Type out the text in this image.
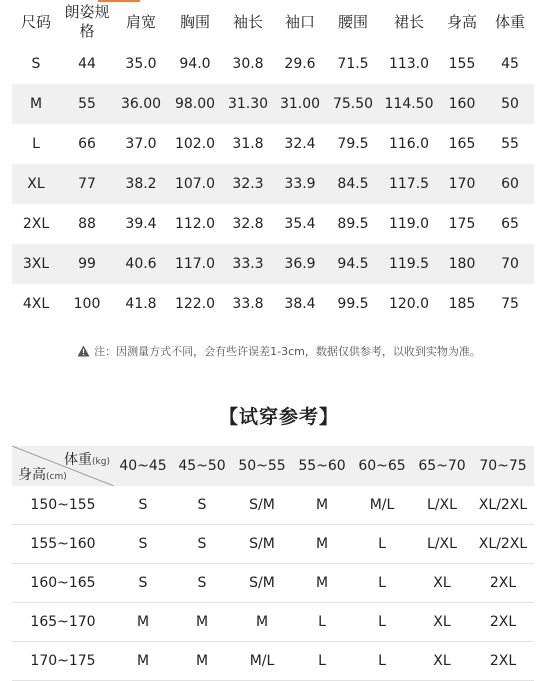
尺码	朗姿规格	肩宽	胸围	袖长	袖口	腰围	裙长	身高	体重
S	44	35.0	94.0	30.8	29.6	71.5	113.0	155	45
M	55	36.00	98.00	31.30	31.00	75.50	114.50	160	50
L	66	37.0	102.0	31.8	32.4	79.5	116.0	165	55
XL	77	38.2	107.0	32.3	33.9	84.5	117.5	170	60
2XL	88	39.4	112.0	32.8	35.4	89.5	119.0	175	65
3XL	99	40.6	117.0	33.3	36.9	94.5	119.5	180	70
4XL	100	41.8	122.0	33.8	38.4	99.5	120.0	185	75
注：因测量方式不同，会有些许误差1-3cm，数据仅供参考，以收到实物为准。
【试穿参考】
体重(kg)
身高(cm)	40~45	45~50	50~55	55~60	60~65	65~70	70~75
150~155	S	S	S/M	M	M/L	L/XL	XL/2XL
155~160	S	S	S/M	M	L	L/XL	XL/2XL
160~165	S	S	S/M	M	L	XL	2XL
165~170	M	M	M	L	L	XL	2XL
170~175	M	M	M/L	L	L	XL	2XL
